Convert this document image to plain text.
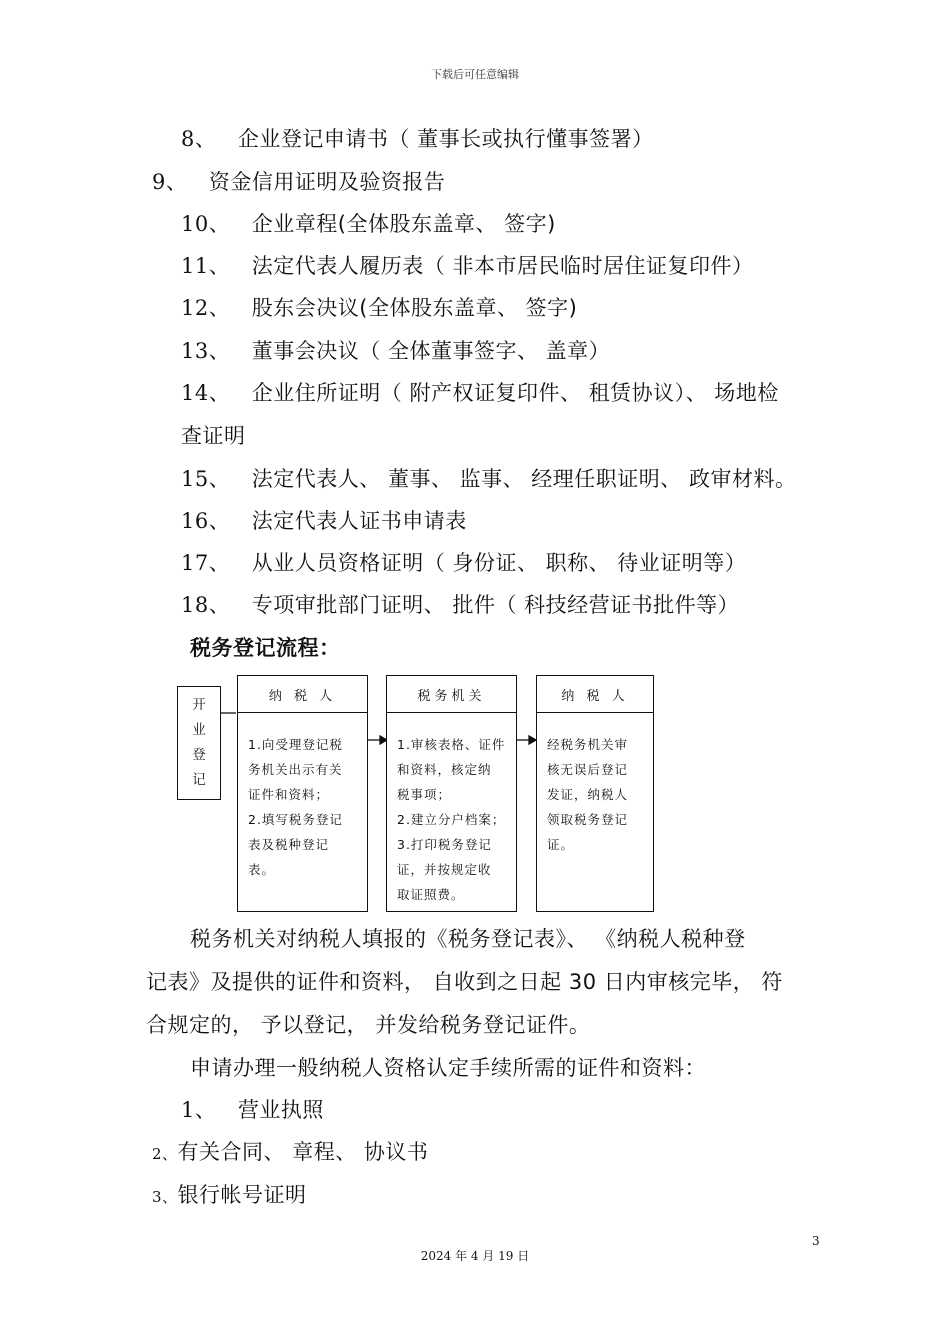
下载后可任意编辑
8、 企业登记申请书（ 董事长或执行懂事签署）
9、 资金信用证明及验资报告
10、 企业章程(全体股东盖章、 签字)
11、 法定代表人履历表（ 非本市居民临时居住证复印件）
12、 股东会决议(全体股东盖章、 签字)
13、 董事会决议（ 全体董事签字、 盖章）
14、 企业住所证明（ 附产权证复印件、 租赁协议）、 场地检
查证明
15、 法定代表人、 董事、 监事、 经理任职证明、 政审材料。
16、 法定代表人证书申请表
17、 从业人员资格证明（ 身份证、 职称、 待业证明等）
18、 专项审批部门证明、 批件（ 科技经营证书批件等）
税务登记流程：
开业登记
纳 税 人
1.向受理登记税
务机关出示有关
证件和资料；
2.填写税务登记
表及税种登记
表。
税务机关
1.审核表格、证件
和资料，核定纳
税事项；
2.建立分户档案；
3.打印税务登记
证，并按规定收
取证照费。
纳 税 人
经税务机关审
核无误后登记
发证，纳税人
领取税务登记
证。
税务机关对纳税人填报的《税务登记表》、 《纳税人税种登
记表》及提供的证件和资料， 自收到之日起 30 日内审核完毕， 符
合规定的， 予以登记， 并发给税务登记证件。
申请办理一般纳税人资格认定手续所需的证件和资料：
1、 营业执照
2、有关合同、 章程、 协议书
3、银行帐号证明
3
2024 年 4 月 19 日
